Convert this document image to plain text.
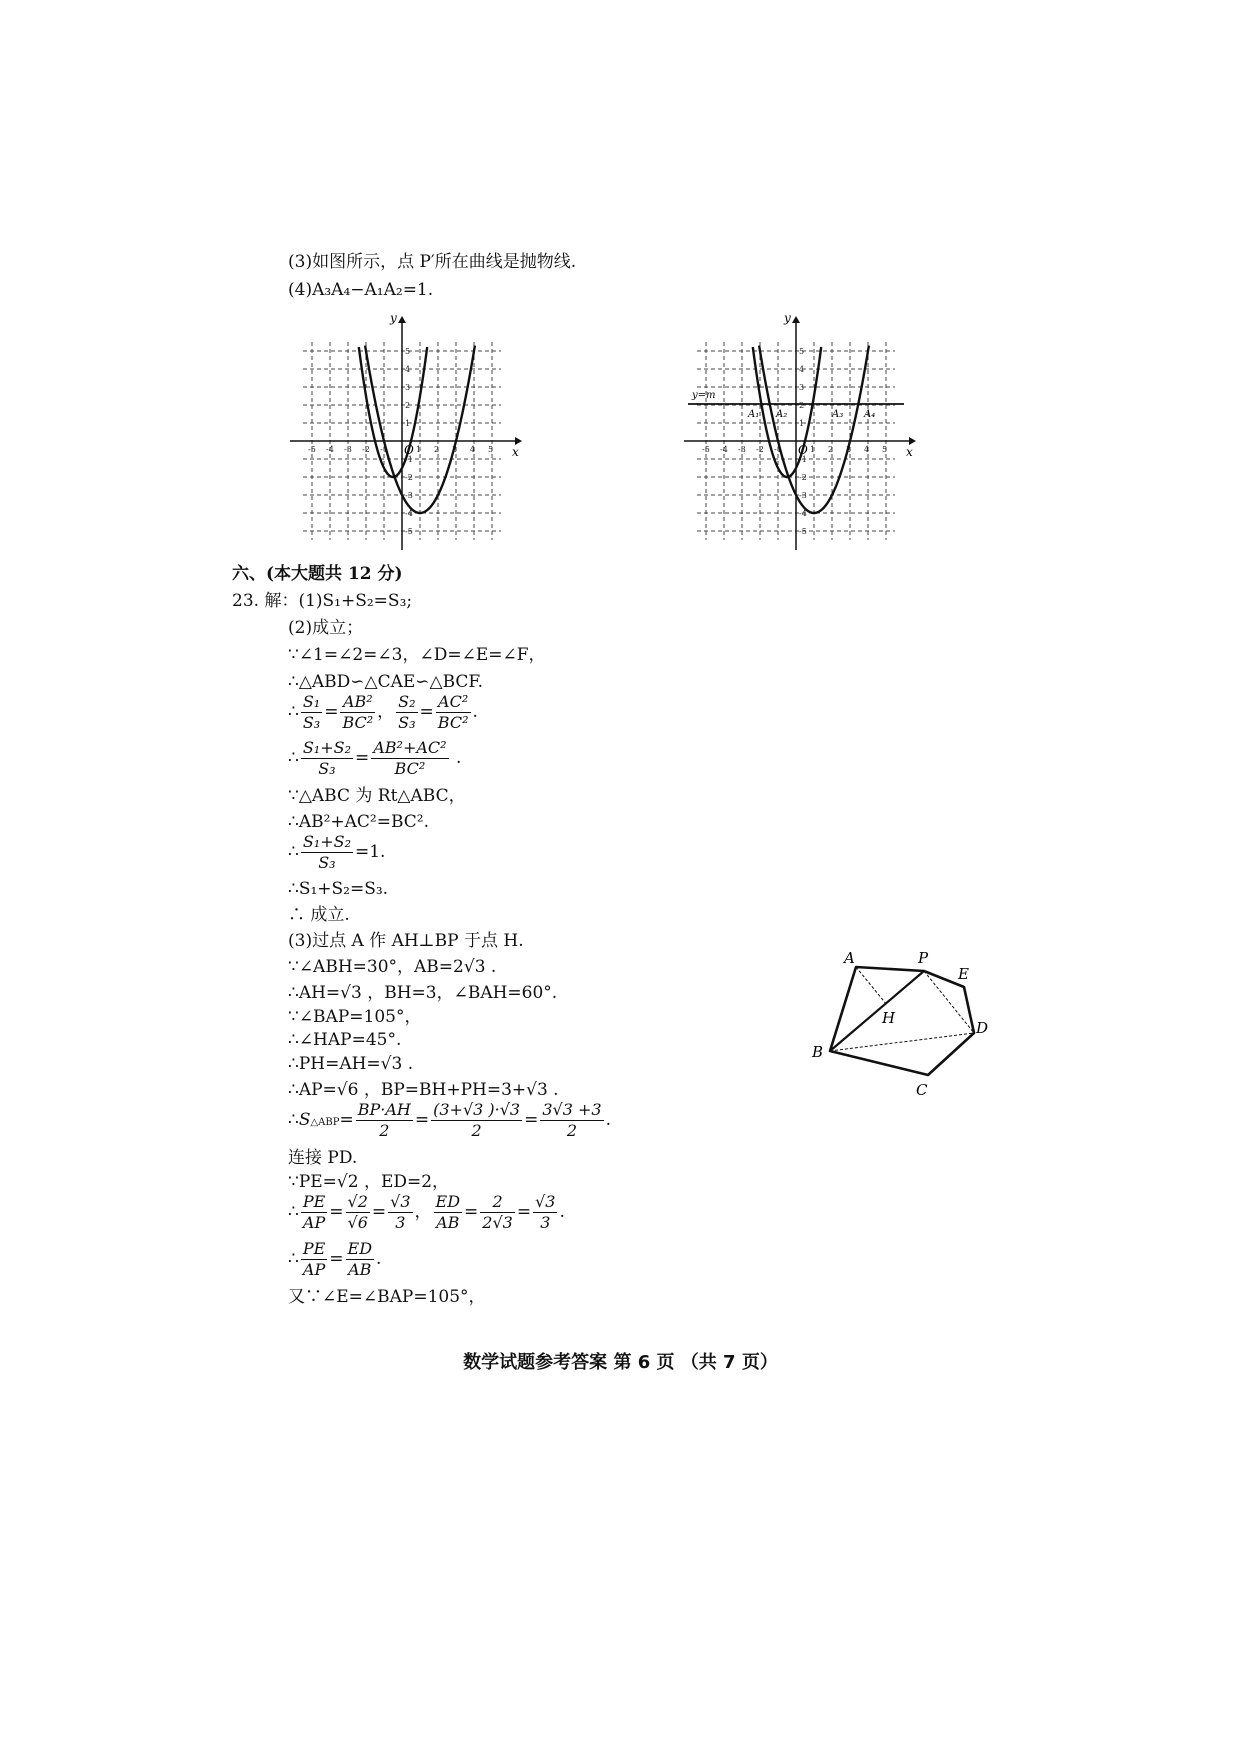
(3)如图所示，点 P′所在曲线是抛物线.
(4)A₃A₄−A₁A₂=1.
x
y
O
-5 -4 -3 -2 -1	1 2 3 4 5
5
4
3
2
1
-1
-2
-3
-4
-5
y=m
x
y
O
A₁ A₂	A₃ A₄
-5 -4 -3 -2 -1	1 2 3 4 5
5
4
3
2
1
-1
-2
-3
-4
-5
六、(本大题共 12 分)
23. 解：(1)S₁+S₂=S₃;
(2)成立；
∵∠1=∠2=∠3，∠D=∠E=∠F，
∴△ABD∽△CAE∽△BCF.
∴ $\frac{\text{S₁}}{\text{S₃}} = \frac{\text{AB²}}{\text{BC²}}$ ， $\frac{\text{S₂}}{\text{S₃}} = \frac{\text{AC²}}{\text{BC²}}$ .
∴ $\frac{\text{S₁+S₂}}{\text{S₃}} = \frac{\text{AB²+AC²}}{\text{BC²}}$ .
∵△ABC 为 Rt△ABC，
∴AB²+AC²=BC².
∴ $\frac{\text{S₁+S₂}}{\text{S₃}} =1$.
∴S₁+S₂=S₃.
∴ 成立.
(3)过点 A 作 AH⊥BP 于点 H.
∵∠ABH=30°，AB=2√3 .
∴AH=√3 ，BH=3，∠BAH=60°.
∵∠BAP=105°，
∴∠HAP=45°.
∴PH=AH=√3 .
∴AP=√6 ，BP=BH+PH=3+√3 .
∴S△ABP= $\frac{BP\cdot AH}{2} = \frac{(3+√3 )\cdot√3}{2} = \frac{3√3 +3}{2}$ .
连接 PD.
∵PE=√2 ，ED=2，
∴ $\frac{PE}{AP} = \frac{√2}{√6} = \frac{√3}{3}$ ， $\frac{ED}{AB} = \frac{2}{2√3} = \frac{√3}{3}$ .
∴ $\frac{PE}{AP} = \frac{ED}{AB}$ .
又∵∠E=∠BAP=105°，
A	P
E
H
D
B
C
数学试题参考答案 第 6 页 （共 7 页）
